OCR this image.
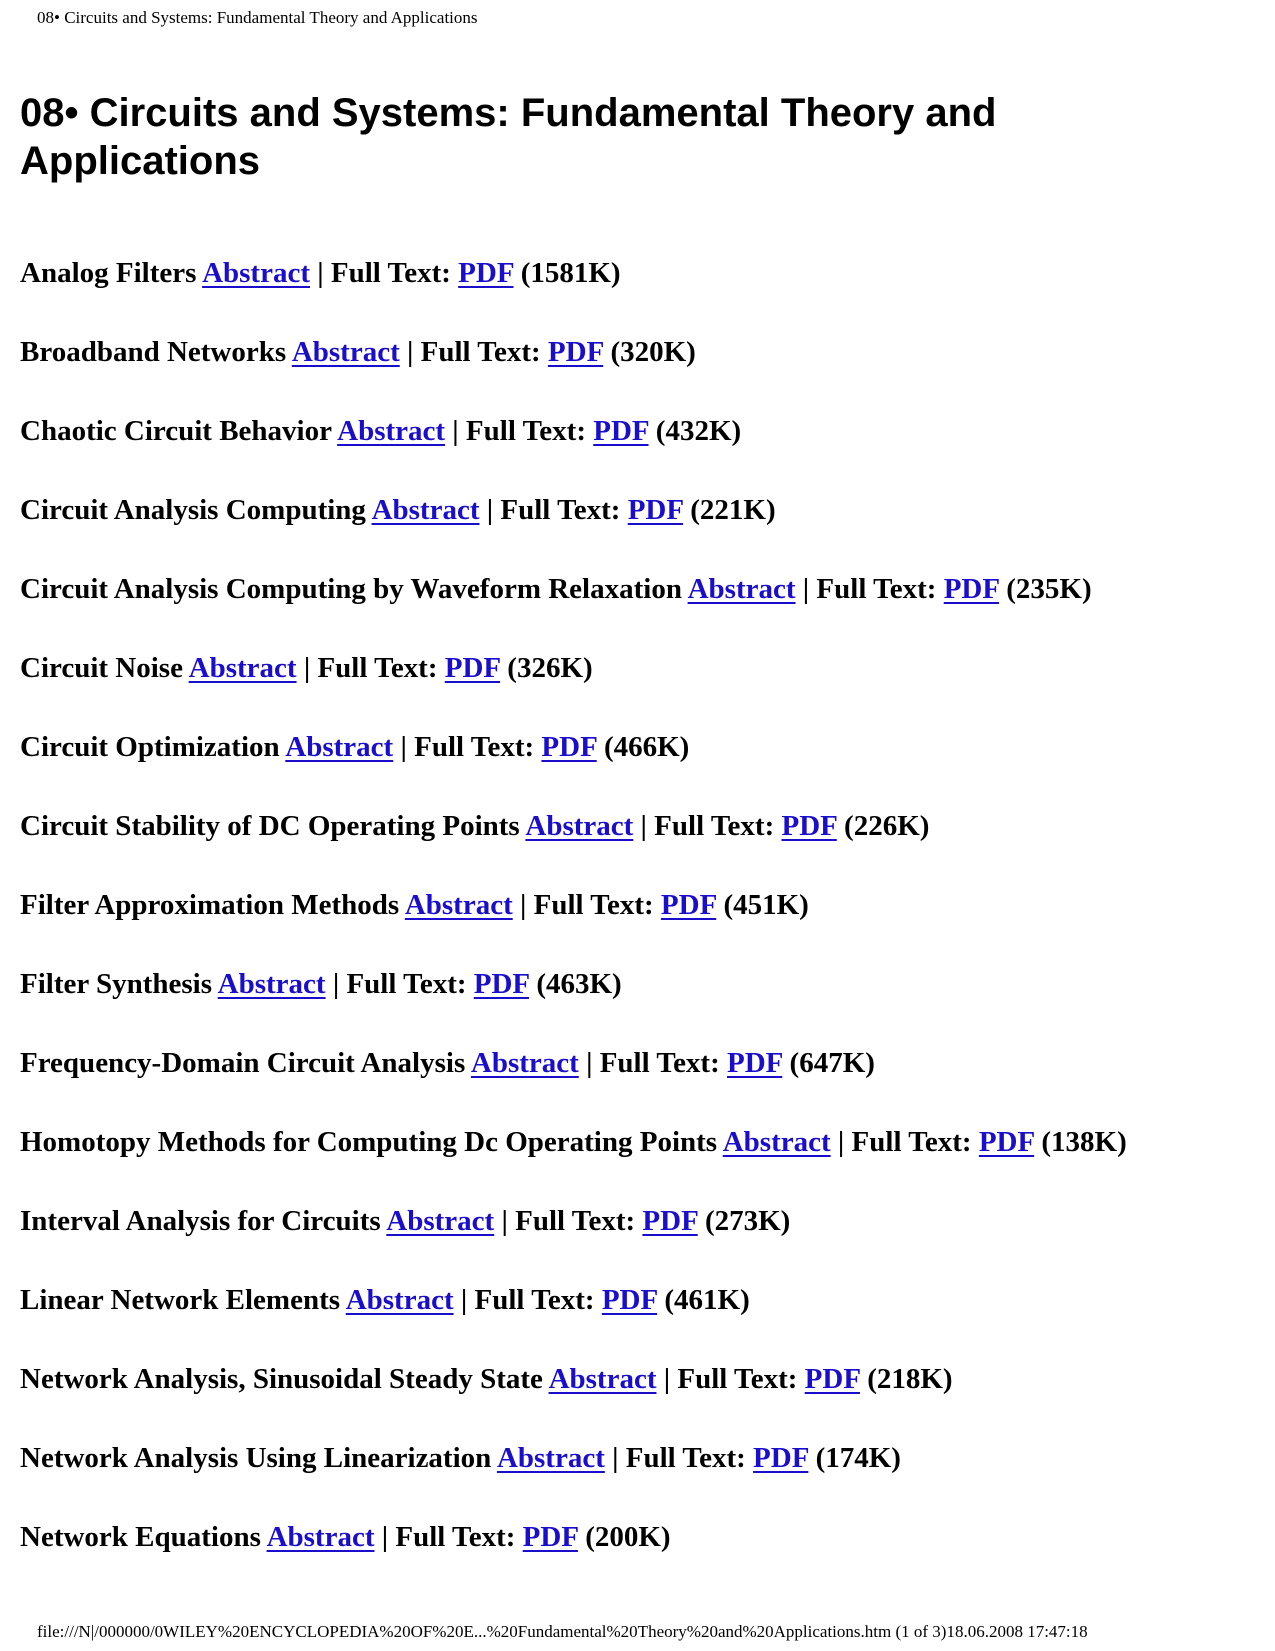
08• Circuits and Systems: Fundamental Theory and Applications
08• Circuits and Systems: Fundamental Theory and Applications
Analog Filters Abstract | Full Text: PDF (1581K)
Broadband Networks Abstract | Full Text: PDF (320K)
Chaotic Circuit Behavior Abstract | Full Text: PDF (432K)
Circuit Analysis Computing Abstract | Full Text: PDF (221K)
Circuit Analysis Computing by Waveform Relaxation Abstract | Full Text: PDF (235K)
Circuit Noise Abstract | Full Text: PDF (326K)
Circuit Optimization Abstract | Full Text: PDF (466K)
Circuit Stability of DC Operating Points Abstract | Full Text: PDF (226K)
Filter Approximation Methods Abstract | Full Text: PDF (451K)
Filter Synthesis Abstract | Full Text: PDF (463K)
Frequency-Domain Circuit Analysis Abstract | Full Text: PDF (647K)
Homotopy Methods for Computing Dc Operating Points Abstract | Full Text: PDF (138K)
Interval Analysis for Circuits Abstract | Full Text: PDF (273K)
Linear Network Elements Abstract | Full Text: PDF (461K)
Network Analysis, Sinusoidal Steady State Abstract | Full Text: PDF (218K)
Network Analysis Using Linearization Abstract | Full Text: PDF (174K)
Network Equations Abstract | Full Text: PDF (200K)
file:///N|/000000/0WILEY%20ENCYCLOPEDIA%20OF%20E...%20Fundamental%20Theory%20and%20Applications.htm (1 of 3)18.06.2008 17:47:18
